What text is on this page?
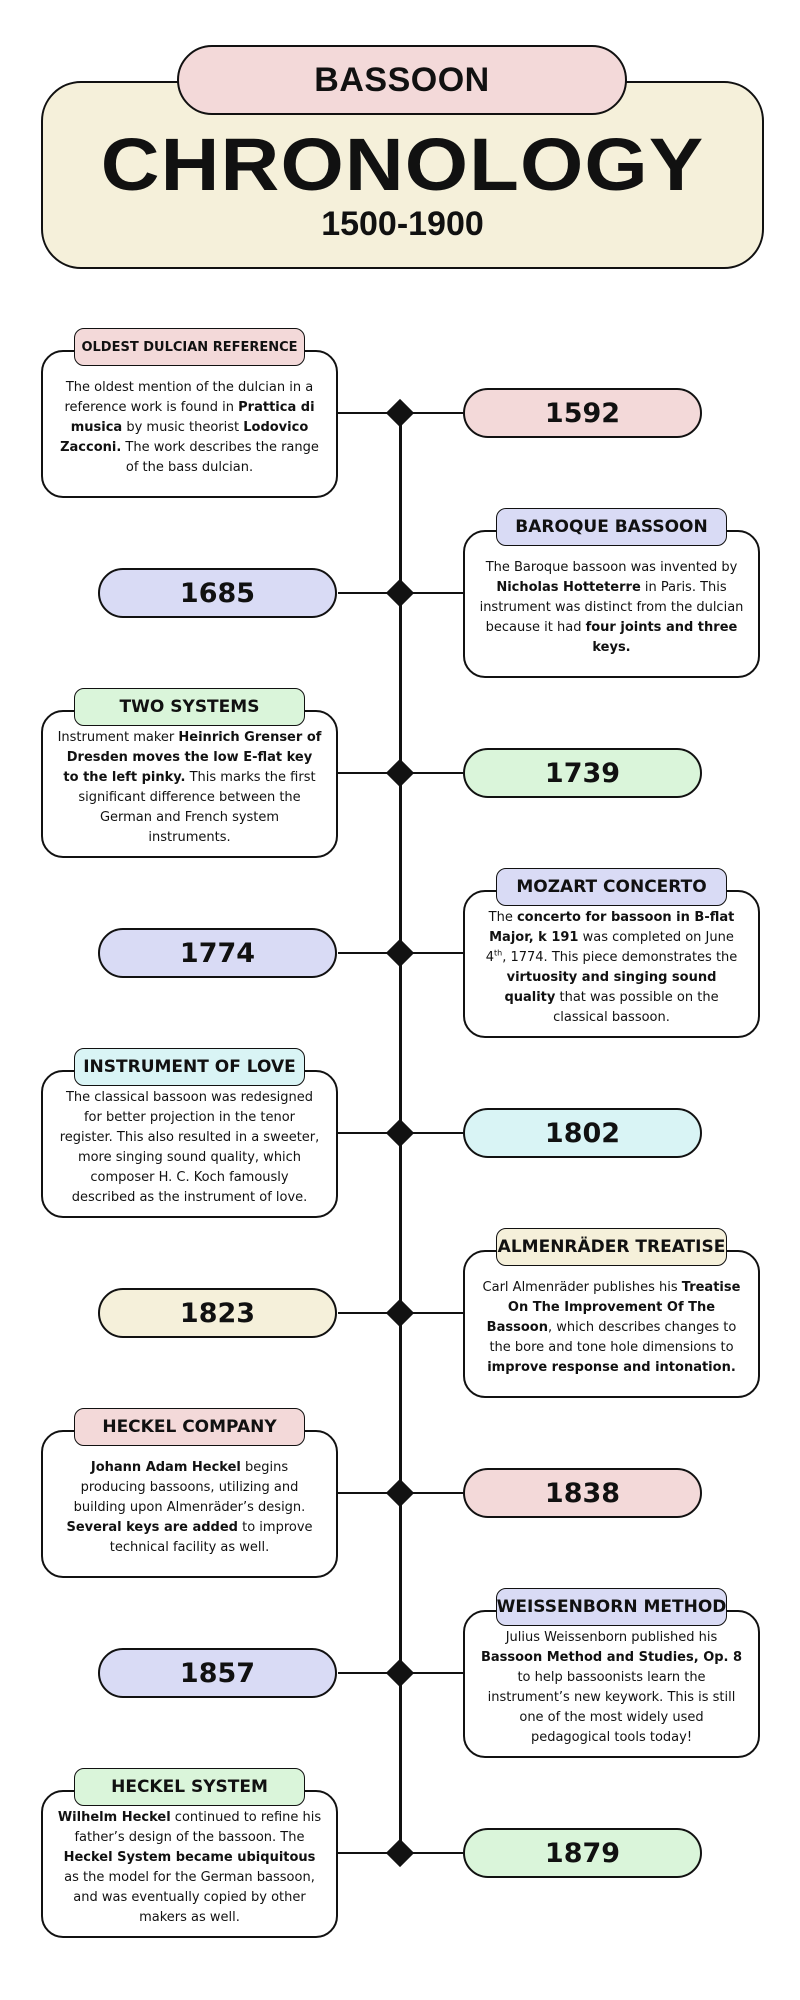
BASSOON
CHRONOLOGY
1500-1900
The oldest mention of the dulcian in a reference work is found in Prattica di musica by music theorist Lodovico Zacconi. The work describes the range of the bass dulcian.
OLDEST DULCIAN REFERENCE
1592
The Baroque bassoon was invented by Nicholas Hotteterre in Paris. This instrument was distinct from the dulcian because it had four joints and three keys.
BAROQUE BASSOON
1685
Instrument maker Heinrich Grenser of Dresden moves the low E-flat key to the left pinky. This marks the first significant difference between the German and French system instruments.
TWO SYSTEMS
1739
The concerto for bassoon in B-flat Major, k 191 was completed on June 4th, 1774. This piece demonstrates the virtuosity and singing sound quality that was possible on the classical bassoon.
MOZART CONCERTO
1774
The classical bassoon was redesigned for better projection in the tenor register. This also resulted in a sweeter, more singing sound quality, which composer H. C. Koch famously described as the instrument of love.
INSTRUMENT OF LOVE
1802
Carl Almenräder publishes his Treatise On The Improvement Of The Bassoon, which describes changes to the bore and tone hole dimensions to improve response and intonation.
ALMENRÄDER TREATISE
1823
Johann Adam Heckel begins producing bassoons, utilizing and building upon Almenräder’s design. Several keys are added to improve technical facility as well.
HECKEL COMPANY
1838
Julius Weissenborn published his Bassoon Method and Studies, Op. 8 to help bassoonists learn the instrument’s new keywork. This is still one of the most widely used pedagogical tools today!
WEISSENBORN METHOD
1857
Wilhelm Heckel continued to refine his father’s design of the bassoon. The Heckel System became ubiquitous as the model for the German bassoon, and was eventually copied by other makers as well.
HECKEL SYSTEM
1879
